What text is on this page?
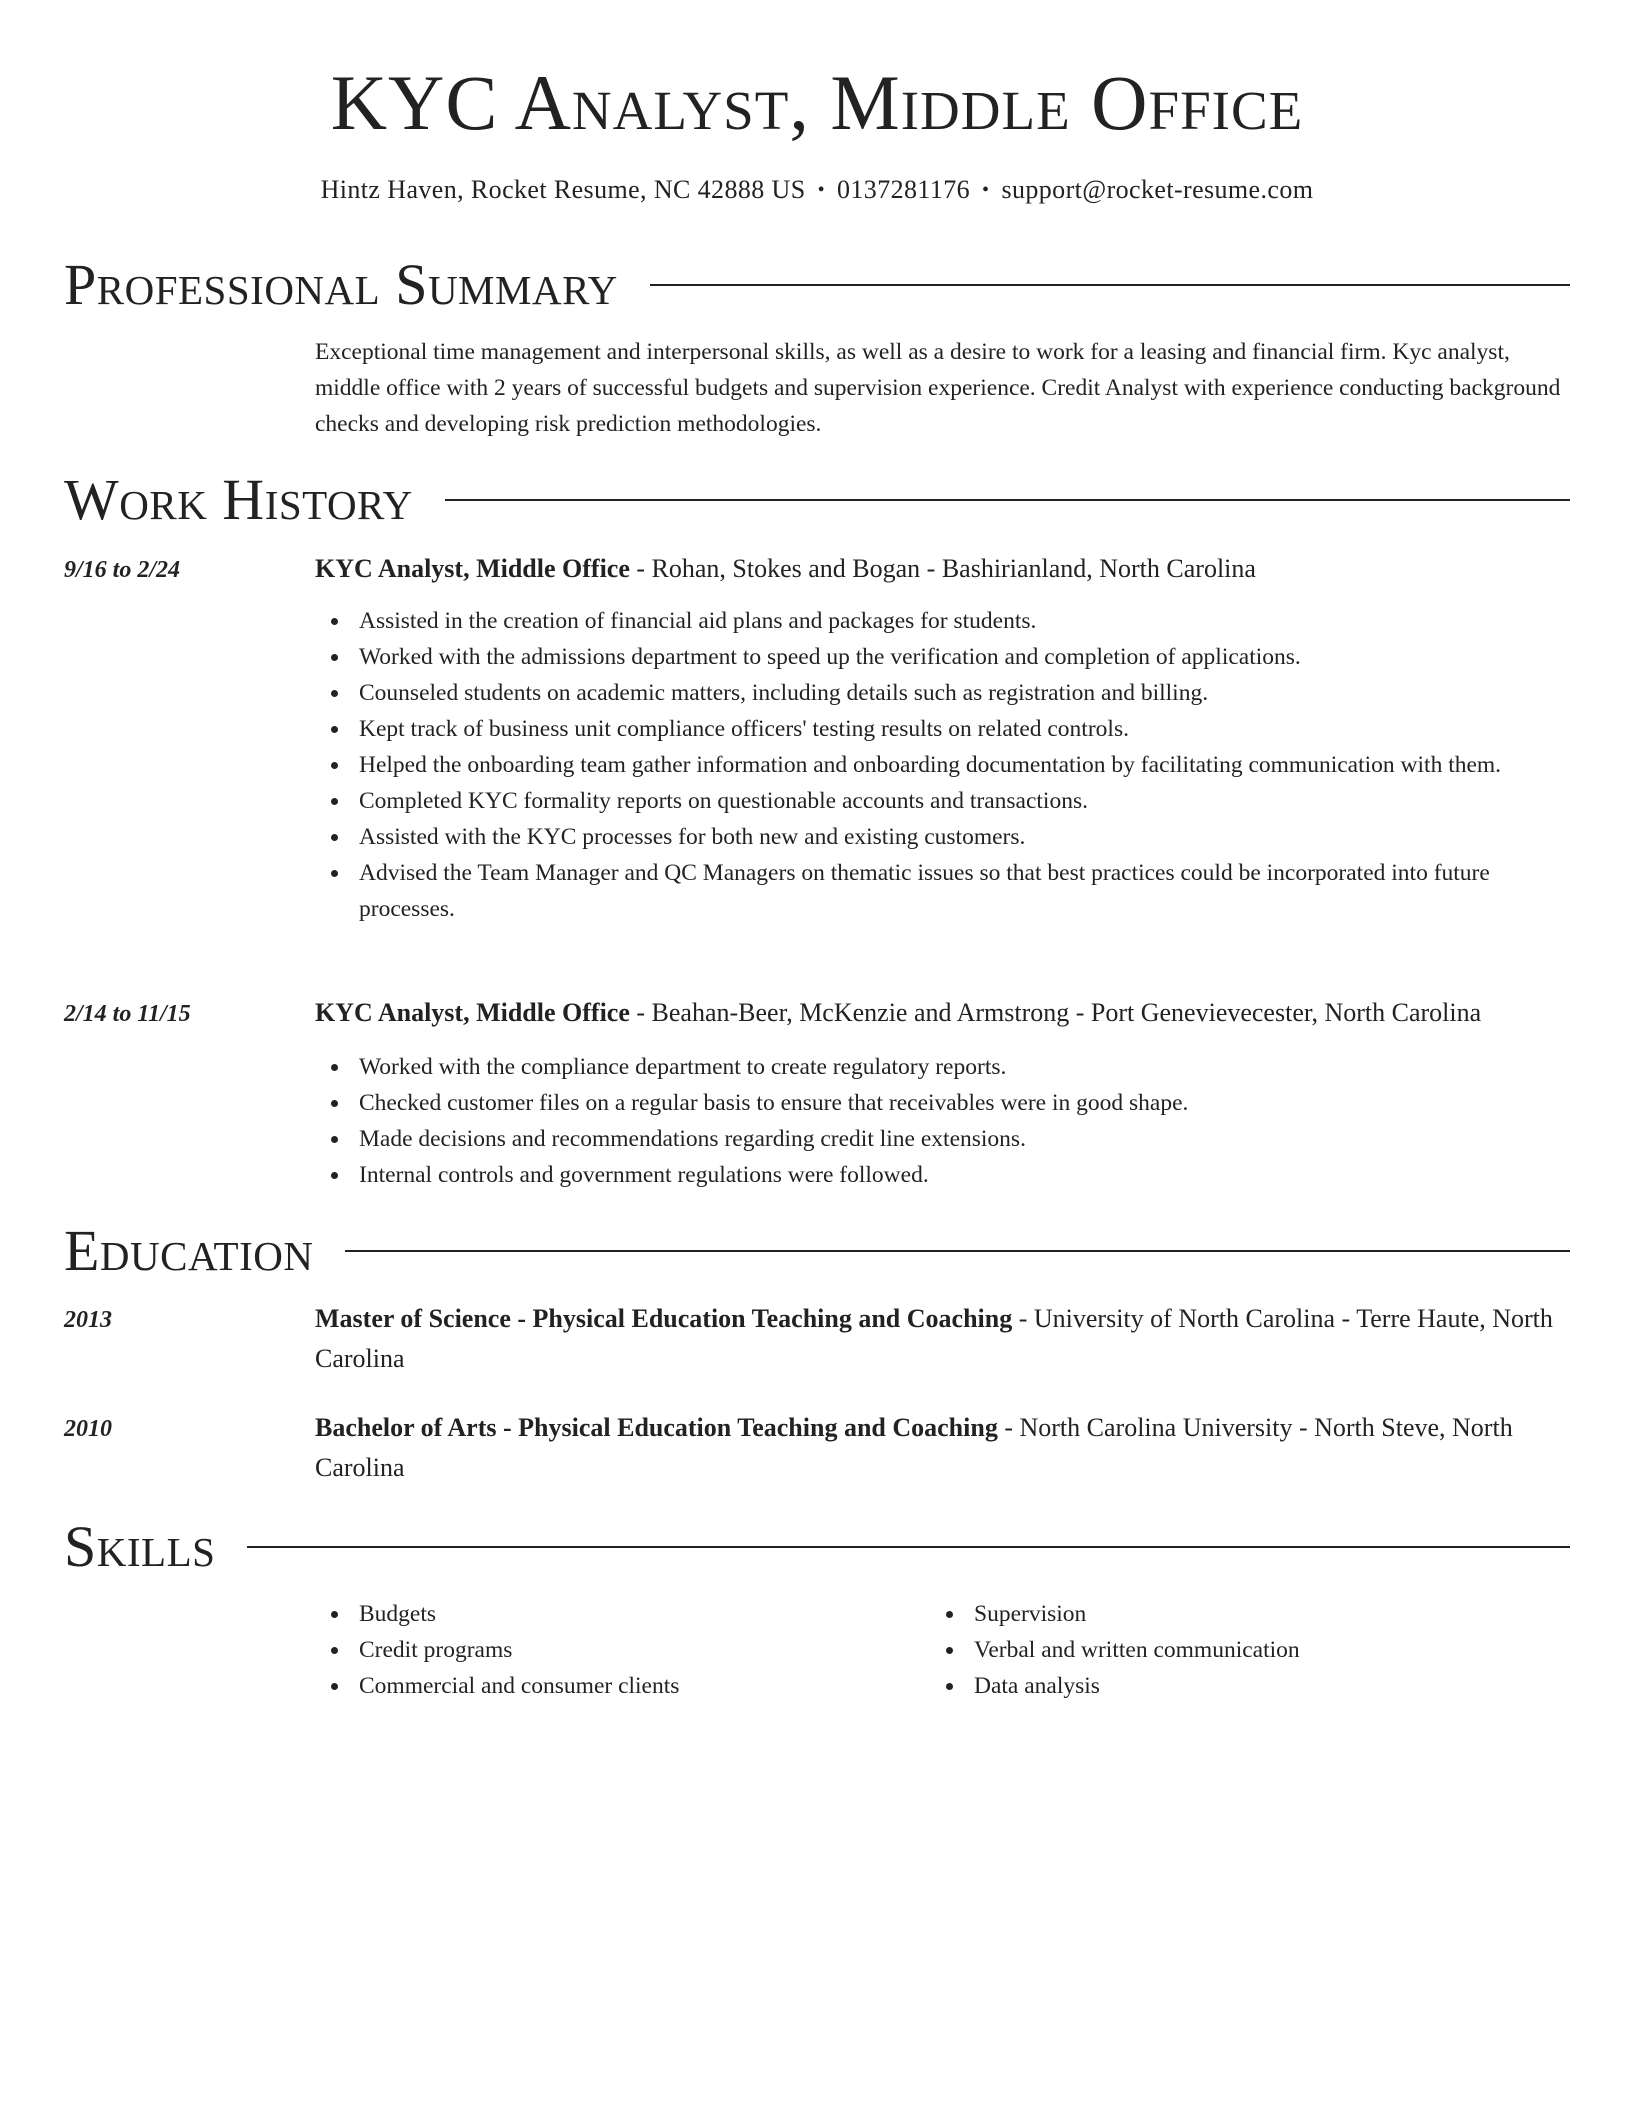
KYC Analyst, Middle Office
Hintz Haven, Rocket Resume, NC 42888 US • 0137281176 • support@rocket-resume.com
Professional Summary
Exceptional time management and interpersonal skills, as well as a desire to work for a leasing and financial firm. Kyc analyst, middle office with 2 years of successful budgets and supervision experience. Credit Analyst with experience conducting background checks and developing risk prediction methodologies.
Work History
9/16 to 2/24	KYC Analyst, Middle Office - Rohan, Stokes and Bogan - Bashirianland, North Carolina
Assisted in the creation of financial aid plans and packages for students.
Worked with the admissions department to speed up the verification and completion of applications.
Counseled students on academic matters, including details such as registration and billing.
Kept track of business unit compliance officers' testing results on related controls.
Helped the onboarding team gather information and onboarding documentation by facilitating communication with them.
Completed KYC formality reports on questionable accounts and transactions.
Assisted with the KYC processes for both new and existing customers.
Advised the Team Manager and QC Managers on thematic issues so that best practices could be incorporated into future processes.
2/14 to 11/15	KYC Analyst, Middle Office - Beahan-Beer, McKenzie and Armstrong - Port Genevievecester, North Carolina
Worked with the compliance department to create regulatory reports.
Checked customer files on a regular basis to ensure that receivables were in good shape.
Made decisions and recommendations regarding credit line extensions.
Internal controls and government regulations were followed.
Education
2013	Master of Science - Physical Education Teaching and Coaching - University of North Carolina - Terre Haute, North Carolina
2010	Bachelor of Arts - Physical Education Teaching and Coaching - North Carolina University - North Steve, North Carolina
Skills
Budgets
Credit programs
Commercial and consumer clients
Supervision
Verbal and written communication
Data analysis
